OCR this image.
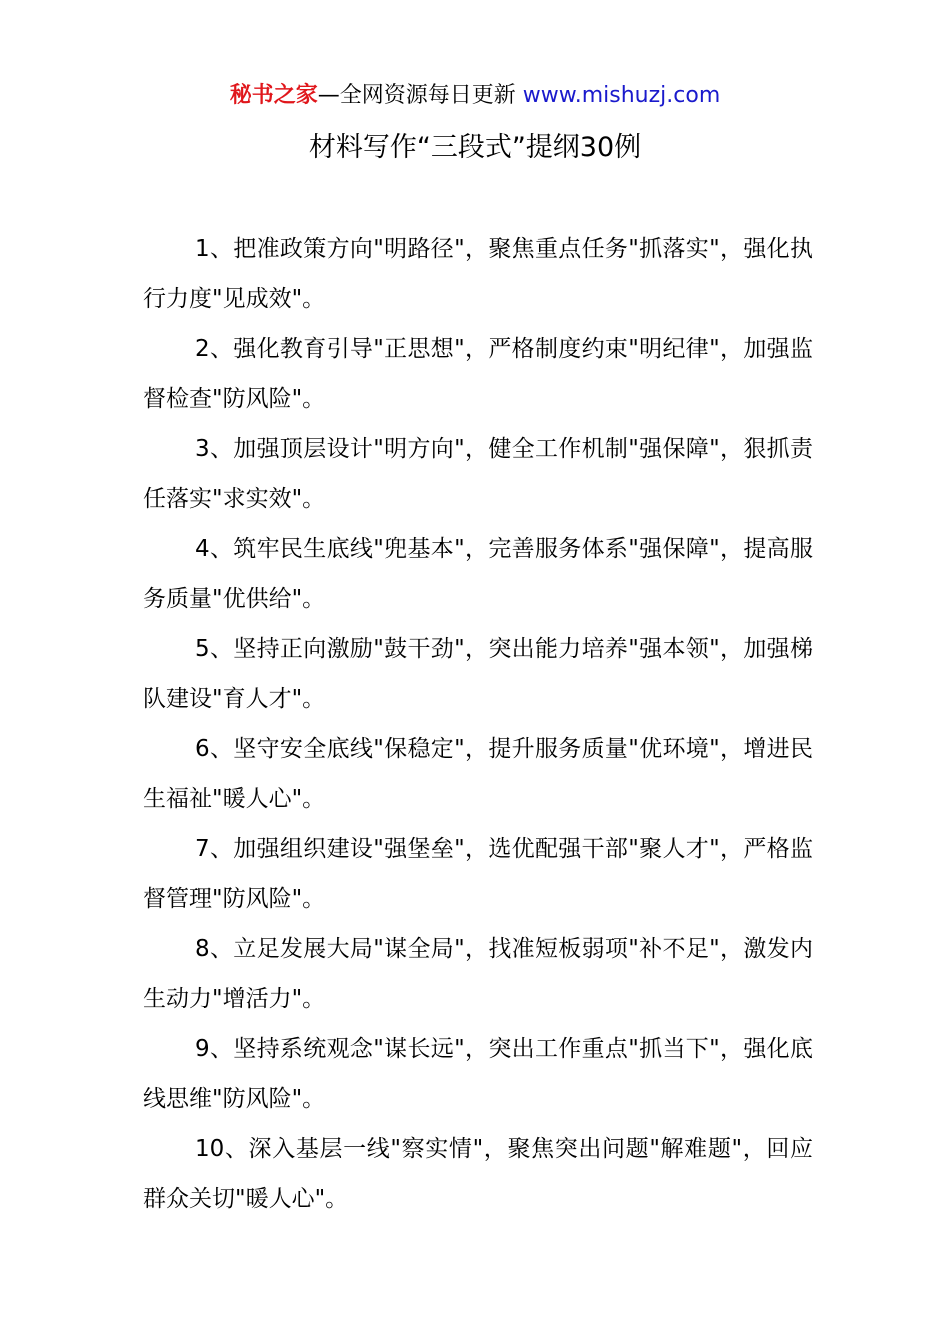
秘书之家—全网资源每日更新 www.mishuzj.com
材料写作“三段式”提纲30例

1、把准政策方向"明路径"，聚焦重点任务"抓落实"，强化执行力度"见成效"。

2、强化教育引导"正思想"，严格制度约束"明纪律"，加强监督检查"防风险"。

3、加强顶层设计"明方向"，健全工作机制"强保障"，狠抓责任落实"求实效"。

4、筑牢民生底线"兜基本"，完善服务体系"强保障"，提高服务质量"优供给"。

5、坚持正向激励"鼓干劲"，突出能力培养"强本领"，加强梯队建设"育人才"。

6、坚守安全底线"保稳定"，提升服务质量"优环境"，增进民生福祉"暖人心"。

7、加强组织建设"强堡垒"，选优配强干部"聚人才"，严格监督管理"防风险"。

8、立足发展大局"谋全局"，找准短板弱项"补不足"，激发内生动力"增活力"。

9、坚持系统观念"谋长远"，突出工作重点"抓当下"，强化底线思维"防风险"。

10、深入基层一线"察实情"，聚焦突出问题"解难题"，回应群众关切"暖人心"。
